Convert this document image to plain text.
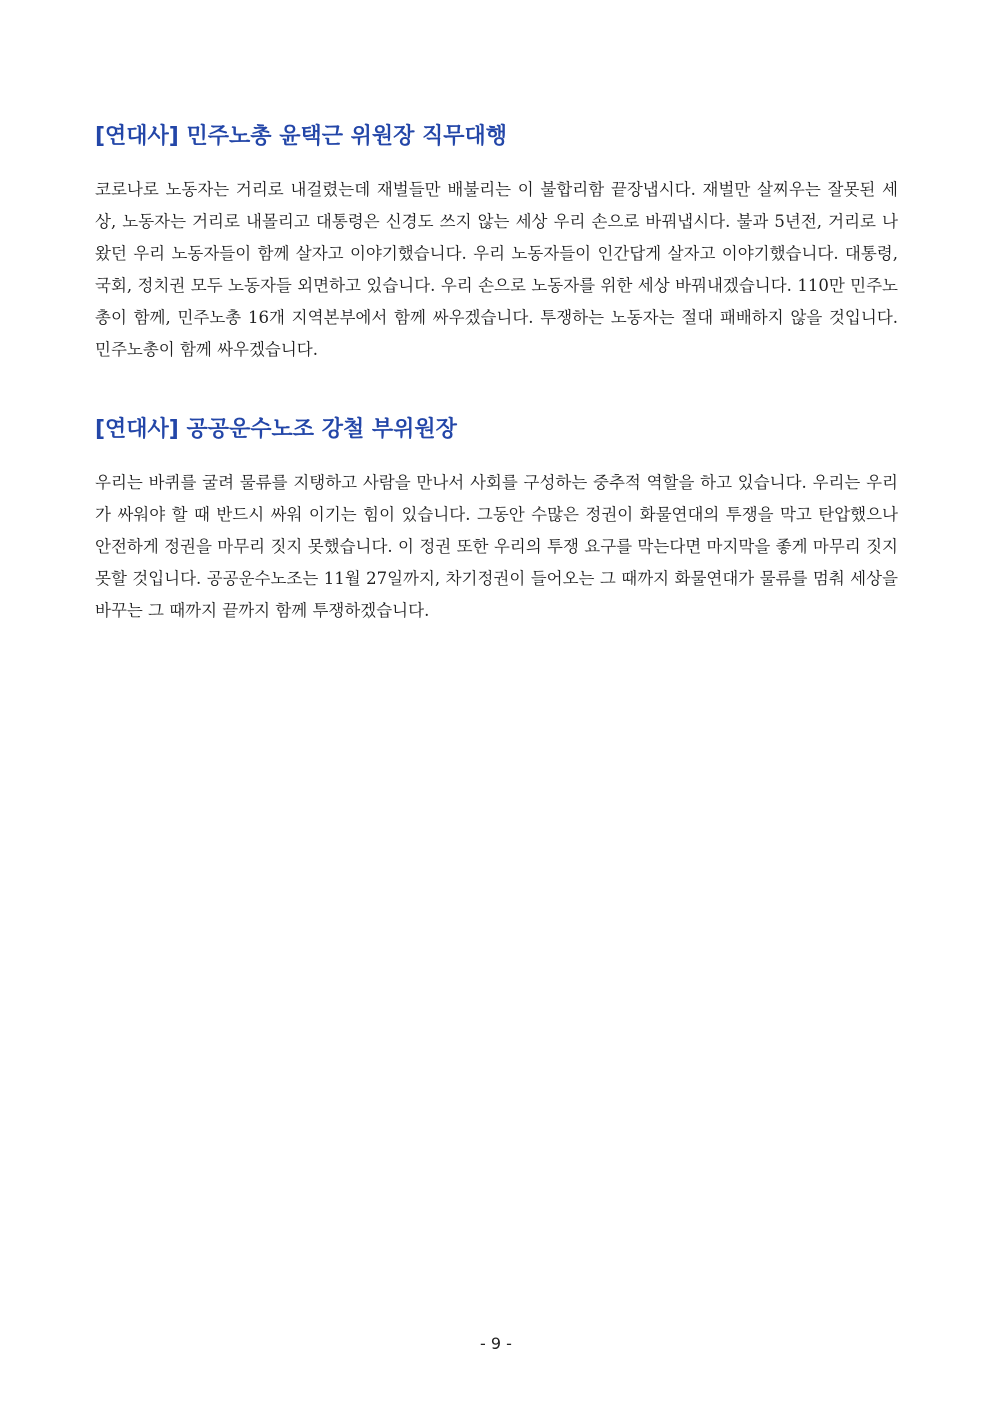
[연대사] 민주노총 윤택근 위원장 직무대행

코로나로 노동자는 거리로 내걸렸는데 재벌들만 배불리는 이 불합리함 끝장냅시다. 재벌만 살찌우는 잘못된 세상, 노동자는 거리로 내몰리고 대통령은 신경도 쓰지 않는 세상 우리 손으로 바꿔냅시다. 불과 5년전, 거리로 나왔던 우리 노동자들이 함께 살자고 이야기했습니다. 우리 노동자들이 인간답게 살자고 이야기했습니다. 대통령, 국회, 정치권 모두 노동자들 외면하고 있습니다. 우리 손으로 노동자를 위한 세상 바꿔내겠습니다. 110만 민주노총이 함께, 민주노총 16개 지역본부에서 함께 싸우겠습니다. 투쟁하는 노동자는 절대 패배하지 않을 것입니다. 민주노총이 함께 싸우겠습니다.

[연대사] 공공운수노조 강철 부위원장

우리는 바퀴를 굴려 물류를 지탱하고 사람을 만나서 사회를 구성하는 중추적 역할을 하고 있습니다. 우리는 우리가 싸워야 할 때 반드시 싸워 이기는 힘이 있습니다. 그동안 수많은 정권이 화물연대의 투쟁을 막고 탄압했으나 안전하게 정권을 마무리 짓지 못했습니다. 이 정권 또한 우리의 투쟁 요구를 막는다면 마지막을 좋게 마무리 짓지 못할 것입니다. 공공운수노조는 11월 27일까지, 차기정권이 들어오는 그 때까지 화물연대가 물류를 멈춰 세상을 바꾸는 그 때까지 끝까지 함께 투쟁하겠습니다.

- 9 -
